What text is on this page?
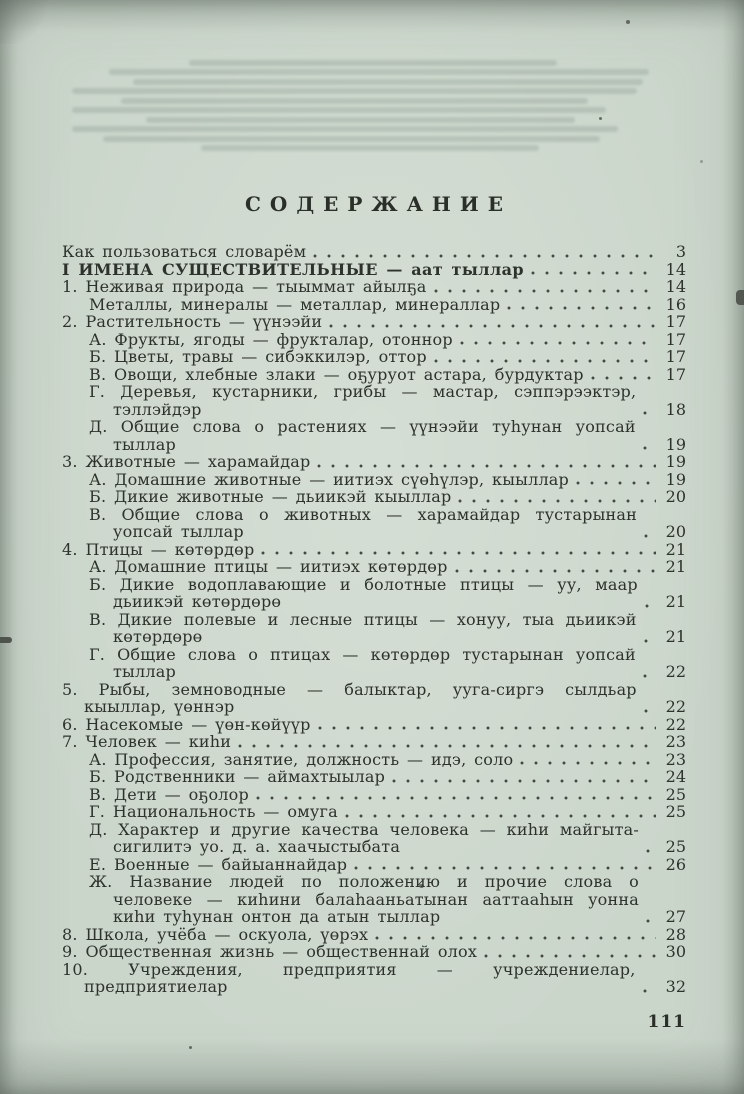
СОДЕРЖАНИЕ
Как пользоваться словарём	3
I ИМЕНА СУЩЕСТВИТЕЛЬНЫЕ — аат тыллар	14
1. Неживая природа — тыыммат айылҕа	14
Металлы, минералы — металлар, минераллар	16
2. Растительность — үүнээйи	17
А. Фрукты, ягоды — фрукталар, отоннор	17
Б. Цветы, травы — сибэккилэр, оттор	17
В. Овощи, хлебные злаки — оҕуруот астара, бурдуктар	17
Г. Деревья, кустарники, грибы — мастар, сэппэрээктэр, тэллэйдэр	18
Д. Общие слова о растениях — үүнээйи туһунан уопсай тыллар	19
3. Животные — харамайдар	19
А. Домашние животные — иитиэх сүөһүлэр, кыыллар	19
Б. Дикие животные — дьиикэй кыыллар	20
В. Общие слова о животных — харамайдар тустарынан уопсай тыллар	20
4. Птицы — көтөрдөр	21
А. Домашние птицы — иитиэх көтөрдөр	21
Б. Дикие водоплавающие и болотные птицы — уу, маар дьиикэй көтөрдөрө	21
В. Дикие полевые и лесные птицы — хонуу, тыа дьиикэй көтөрдөрө	21
Г. Общие слова о птицах — көтөрдөр тустарынан уопсай тыллар	22
5. Рыбы, земноводные — балыктар, ууга-сиргэ сылдьар кыыллар, үөннэр	22
6. Насекомые — үөн-көйүүр	22
7. Человек — киһи	23
А. Профессия, занятие, должность — идэ, соло	23
Б. Родственники — аймахтыылар	24
В. Дети — оҕолор	25
Г. Национальность — омуга	25
Д. Характер и другие качества человека — киһи майгыта-сигилитэ уо. д. а. хаачыстыбата	25
Е. Военные — байыаннайдар	26
Ж. Название людей по положению и прочие слова о человеке — киһини балаһааньатынан ааттааһын уонна киһи туһунан онтон да атын тыллар	27
8. Школа, учёба — оскуола, үөрэх	28
9. Общественная жизнь — общественнай олох	30
10. Учреждения, предприятия — учреждениелар, предприятиелар	32
111
